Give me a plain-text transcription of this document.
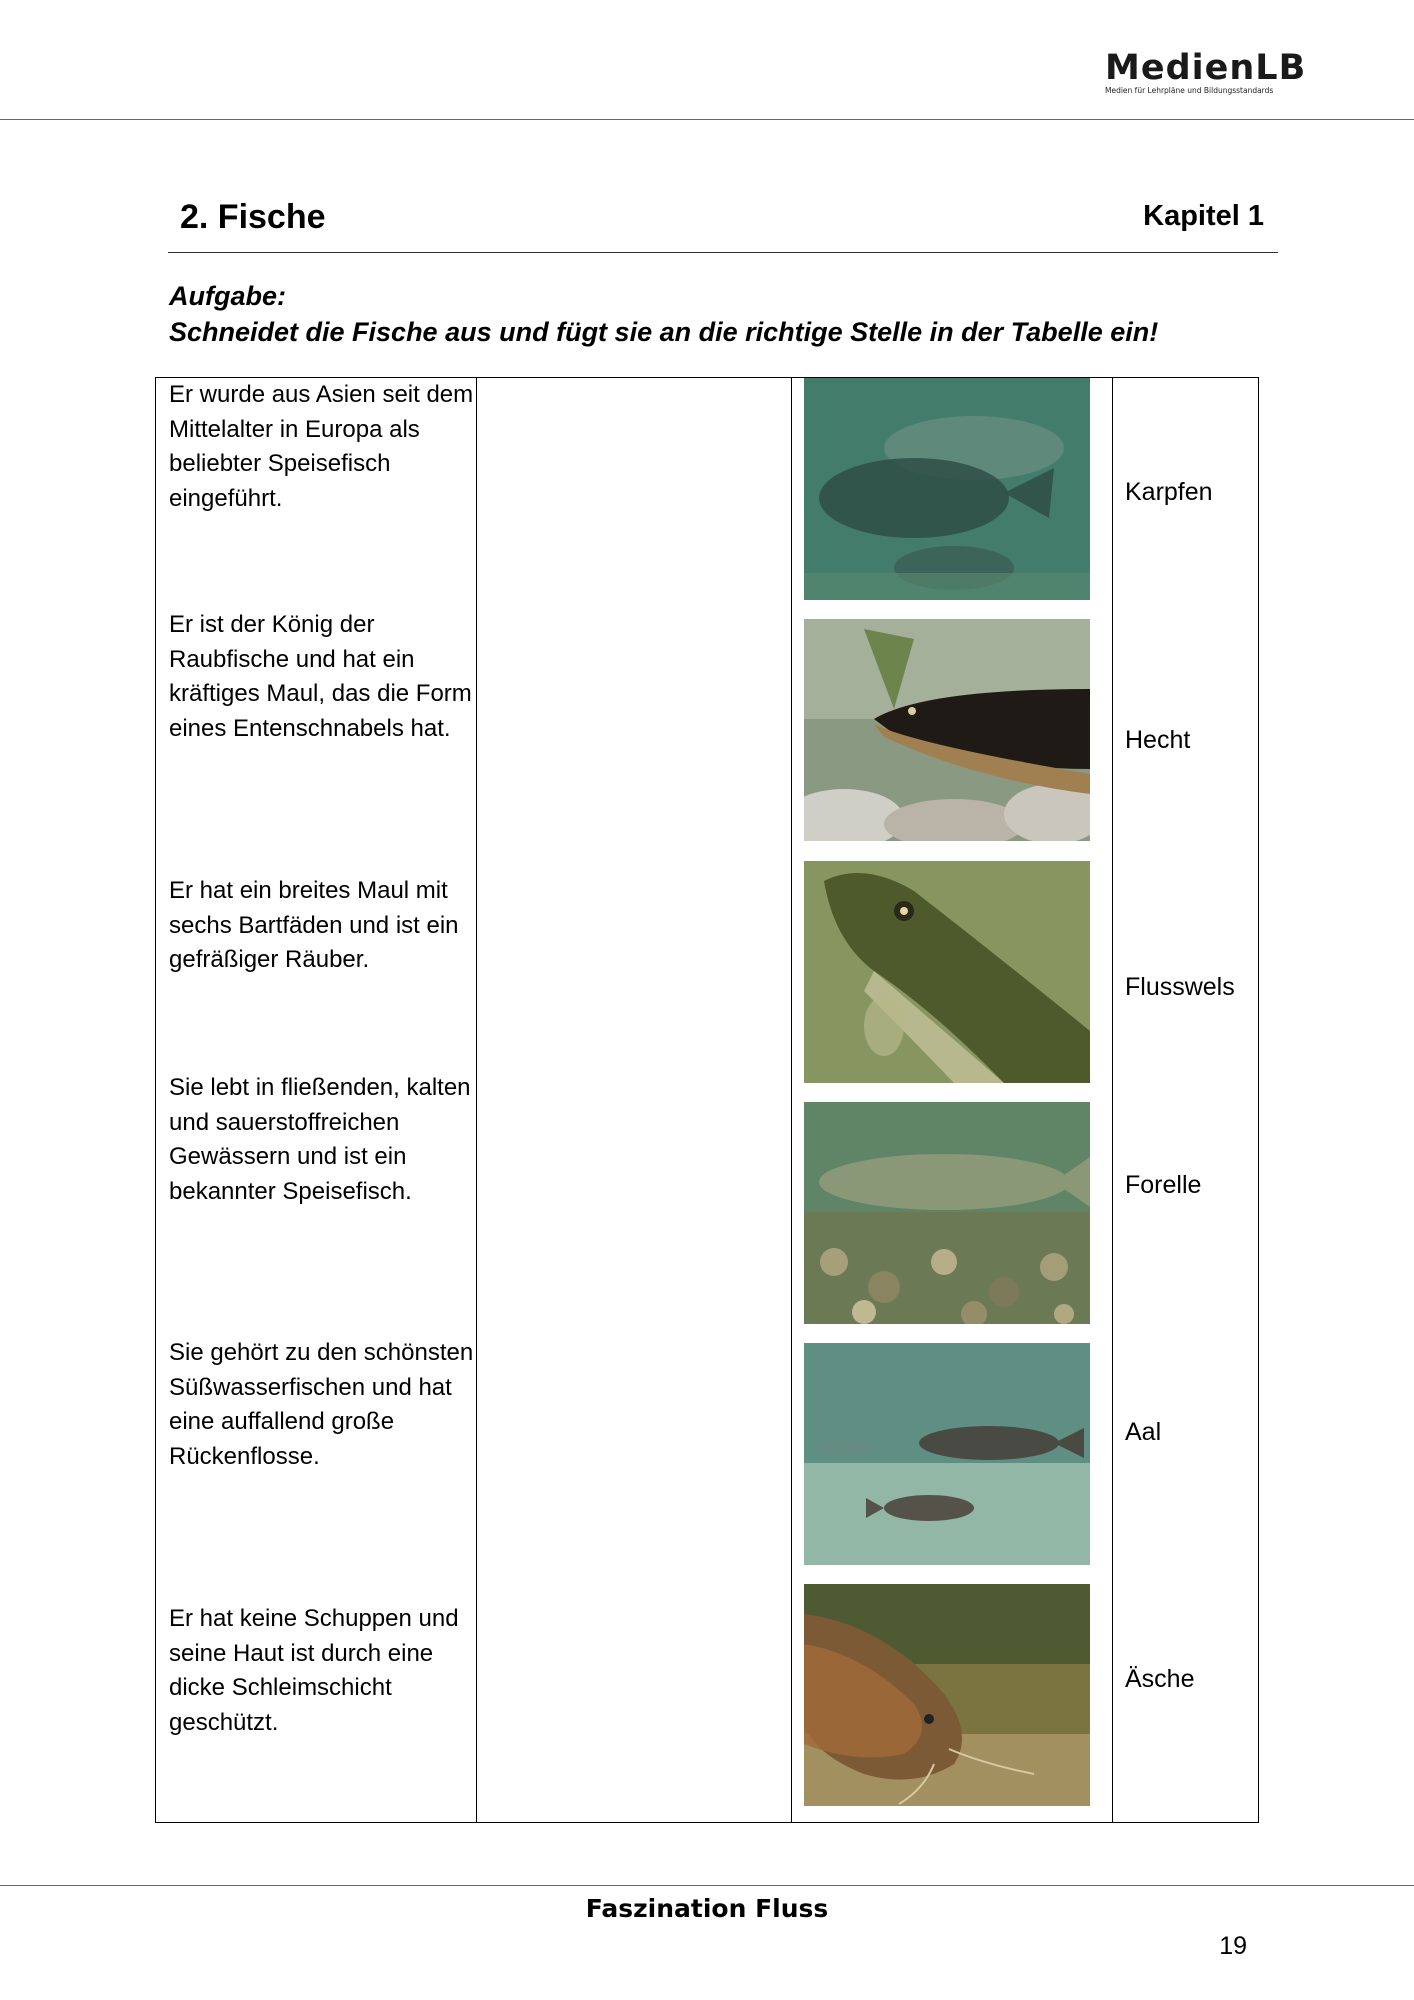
MedienLB
Medien für Lehrpläne und Bildungsstandards
2. Fische	Kapitel 1
Aufgabe:
Schneidet die Fische aus und fügt sie an die richtige Stelle in der Tabelle ein!
Er wurde aus Asien seit dem Mittelalter in Europa als beliebter Speisefisch eingeführt.
Er ist der König der Raubfische und hat ein kräftiges Maul, das die Form eines Entenschnabels hat.
Er hat ein breites Maul mit sechs Bartfäden und ist ein gefräßiger Räuber.
Sie lebt in fließenden, kalten und sauerstoffreichen Gewässern und ist ein bekannter Speisefisch.
Sie gehört zu den schönsten Süßwasserfischen und hat eine auffallend große Rückenflosse.
Er hat keine Schuppen und seine Haut ist durch eine dicke Schleimschicht geschützt.
Karpfen
Hecht
Flusswels
Forelle
Aal
Äsche
Faszination Fluss
19
